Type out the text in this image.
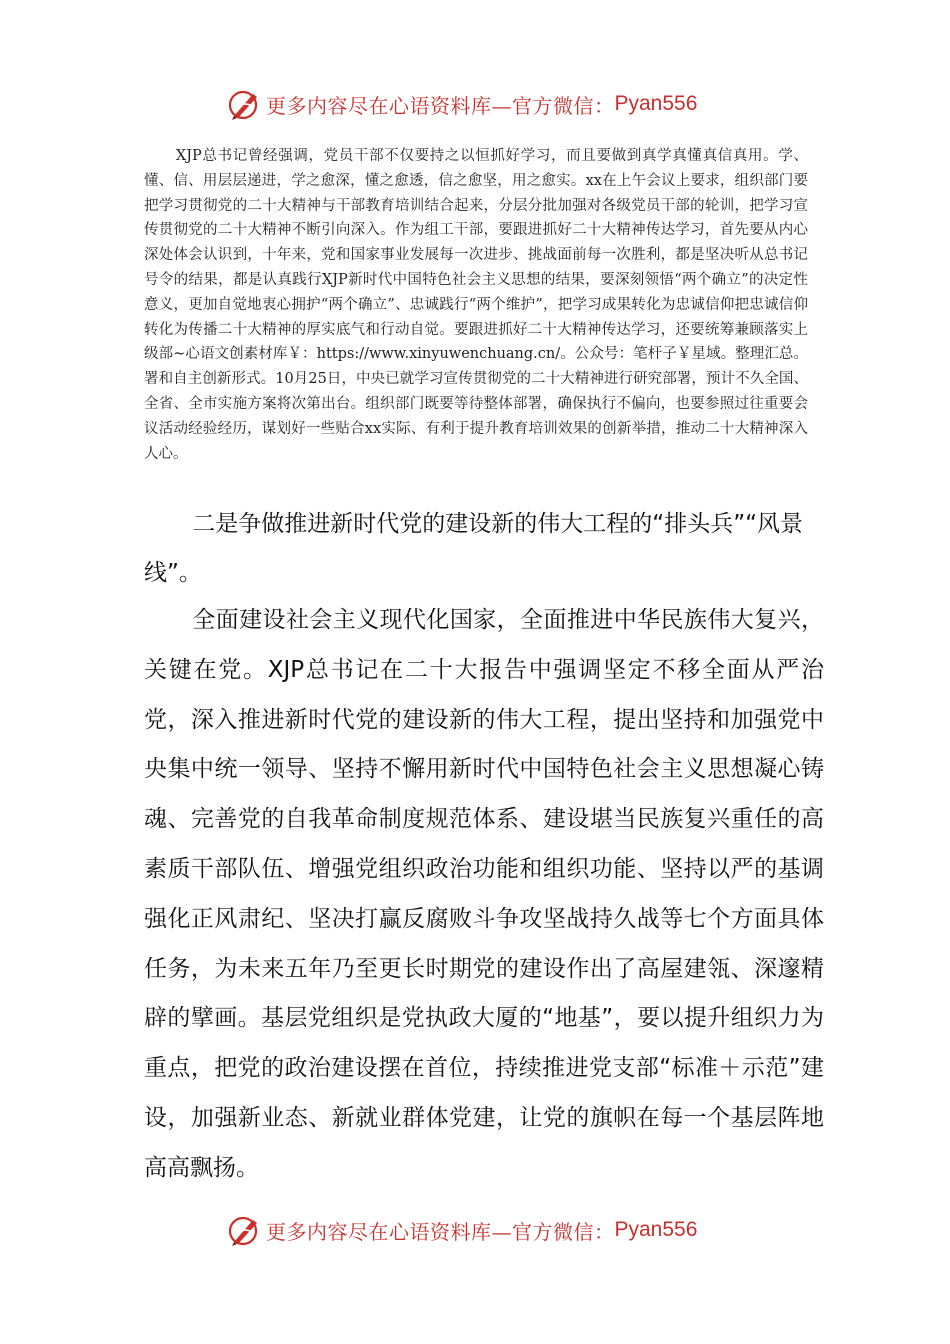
更多内容尽在心语资料库—官方微信： Pyan556

XJP总书记曾经强调，党员干部不仅要持之以恒抓好学习，而且要做到真学真懂真信真用。学、懂、信、用层层递进，学之愈深，懂之愈透，信之愈坚，用之愈实。xx在上午会议上要求，组织部门要把学习贯彻党的二十大精神与干部教育培训结合起来，分层分批加强对各级党员干部的轮训，把学习宣传贯彻党的二十大精神不断引向深入。作为组工干部，要跟进抓好二十大精神传达学习，首先要从内心深处体会认识到，十年来，党和国家事业发展每一次进步、挑战面前每一次胜利，都是坚决听从总书记号令的结果，都是认真践行XJP新时代中国特色社会主义思想的结果，要深刻领悟“两个确立”的决定性意义，更加自觉地衷心拥护“两个确立”、忠诚践行“两个维护”，把学习成果转化为忠诚信仰把忠诚信仰转化为传播二十大精神的厚实底气和行动自觉。要跟进抓好二十大精神传达学习，还要统筹兼顾落实上级部~心语文创素材库￥：https://www.xinyuwenchuang.cn/。公众号：笔杆子￥星域。整理汇总。署和自主创新形式。10月25日，中央已就学习宣传贯彻党的二十大精神进行研究部署，预计不久全国、全省、全市实施方案将次第出台。组织部门既要等待整体部署，确保执行不偏向，也要参照过往重要会议活动经验经历，谋划好一些贴合xx实际、有利于提升教育培训效果的创新举措，推动二十大精神深入人心。

二是争做推进新时代党的建设新的伟大工程的“排头兵”“风景线”。

全面建设社会主义现代化国家，全面推进中华民族伟大复兴，关键在党。XJP总书记在二十大报告中强调坚定不移全面从严治党，深入推进新时代党的建设新的伟大工程，提出坚持和加强党中央集中统一领导、坚持不懈用新时代中国特色社会主义思想凝心铸魂、完善党的自我革命制度规范体系、建设堪当民族复兴重任的高素质干部队伍、增强党组织政治功能和组织功能、坚持以严的基调强化正风肃纪、坚决打赢反腐败斗争攻坚战持久战等七个方面具体任务，为未来五年乃至更长时期党的建设作出了高屋建瓴、深邃精辟的擘画。基层党组织是党执政大厦的“地基”，要以提升组织力为重点，把党的政治建设摆在首位，持续推进党支部“标准＋示范”建设，加强新业态、新就业群体党建，让党的旗帜在每一个基层阵地高高飘扬。

更多内容尽在心语资料库—官方微信： Pyan556
